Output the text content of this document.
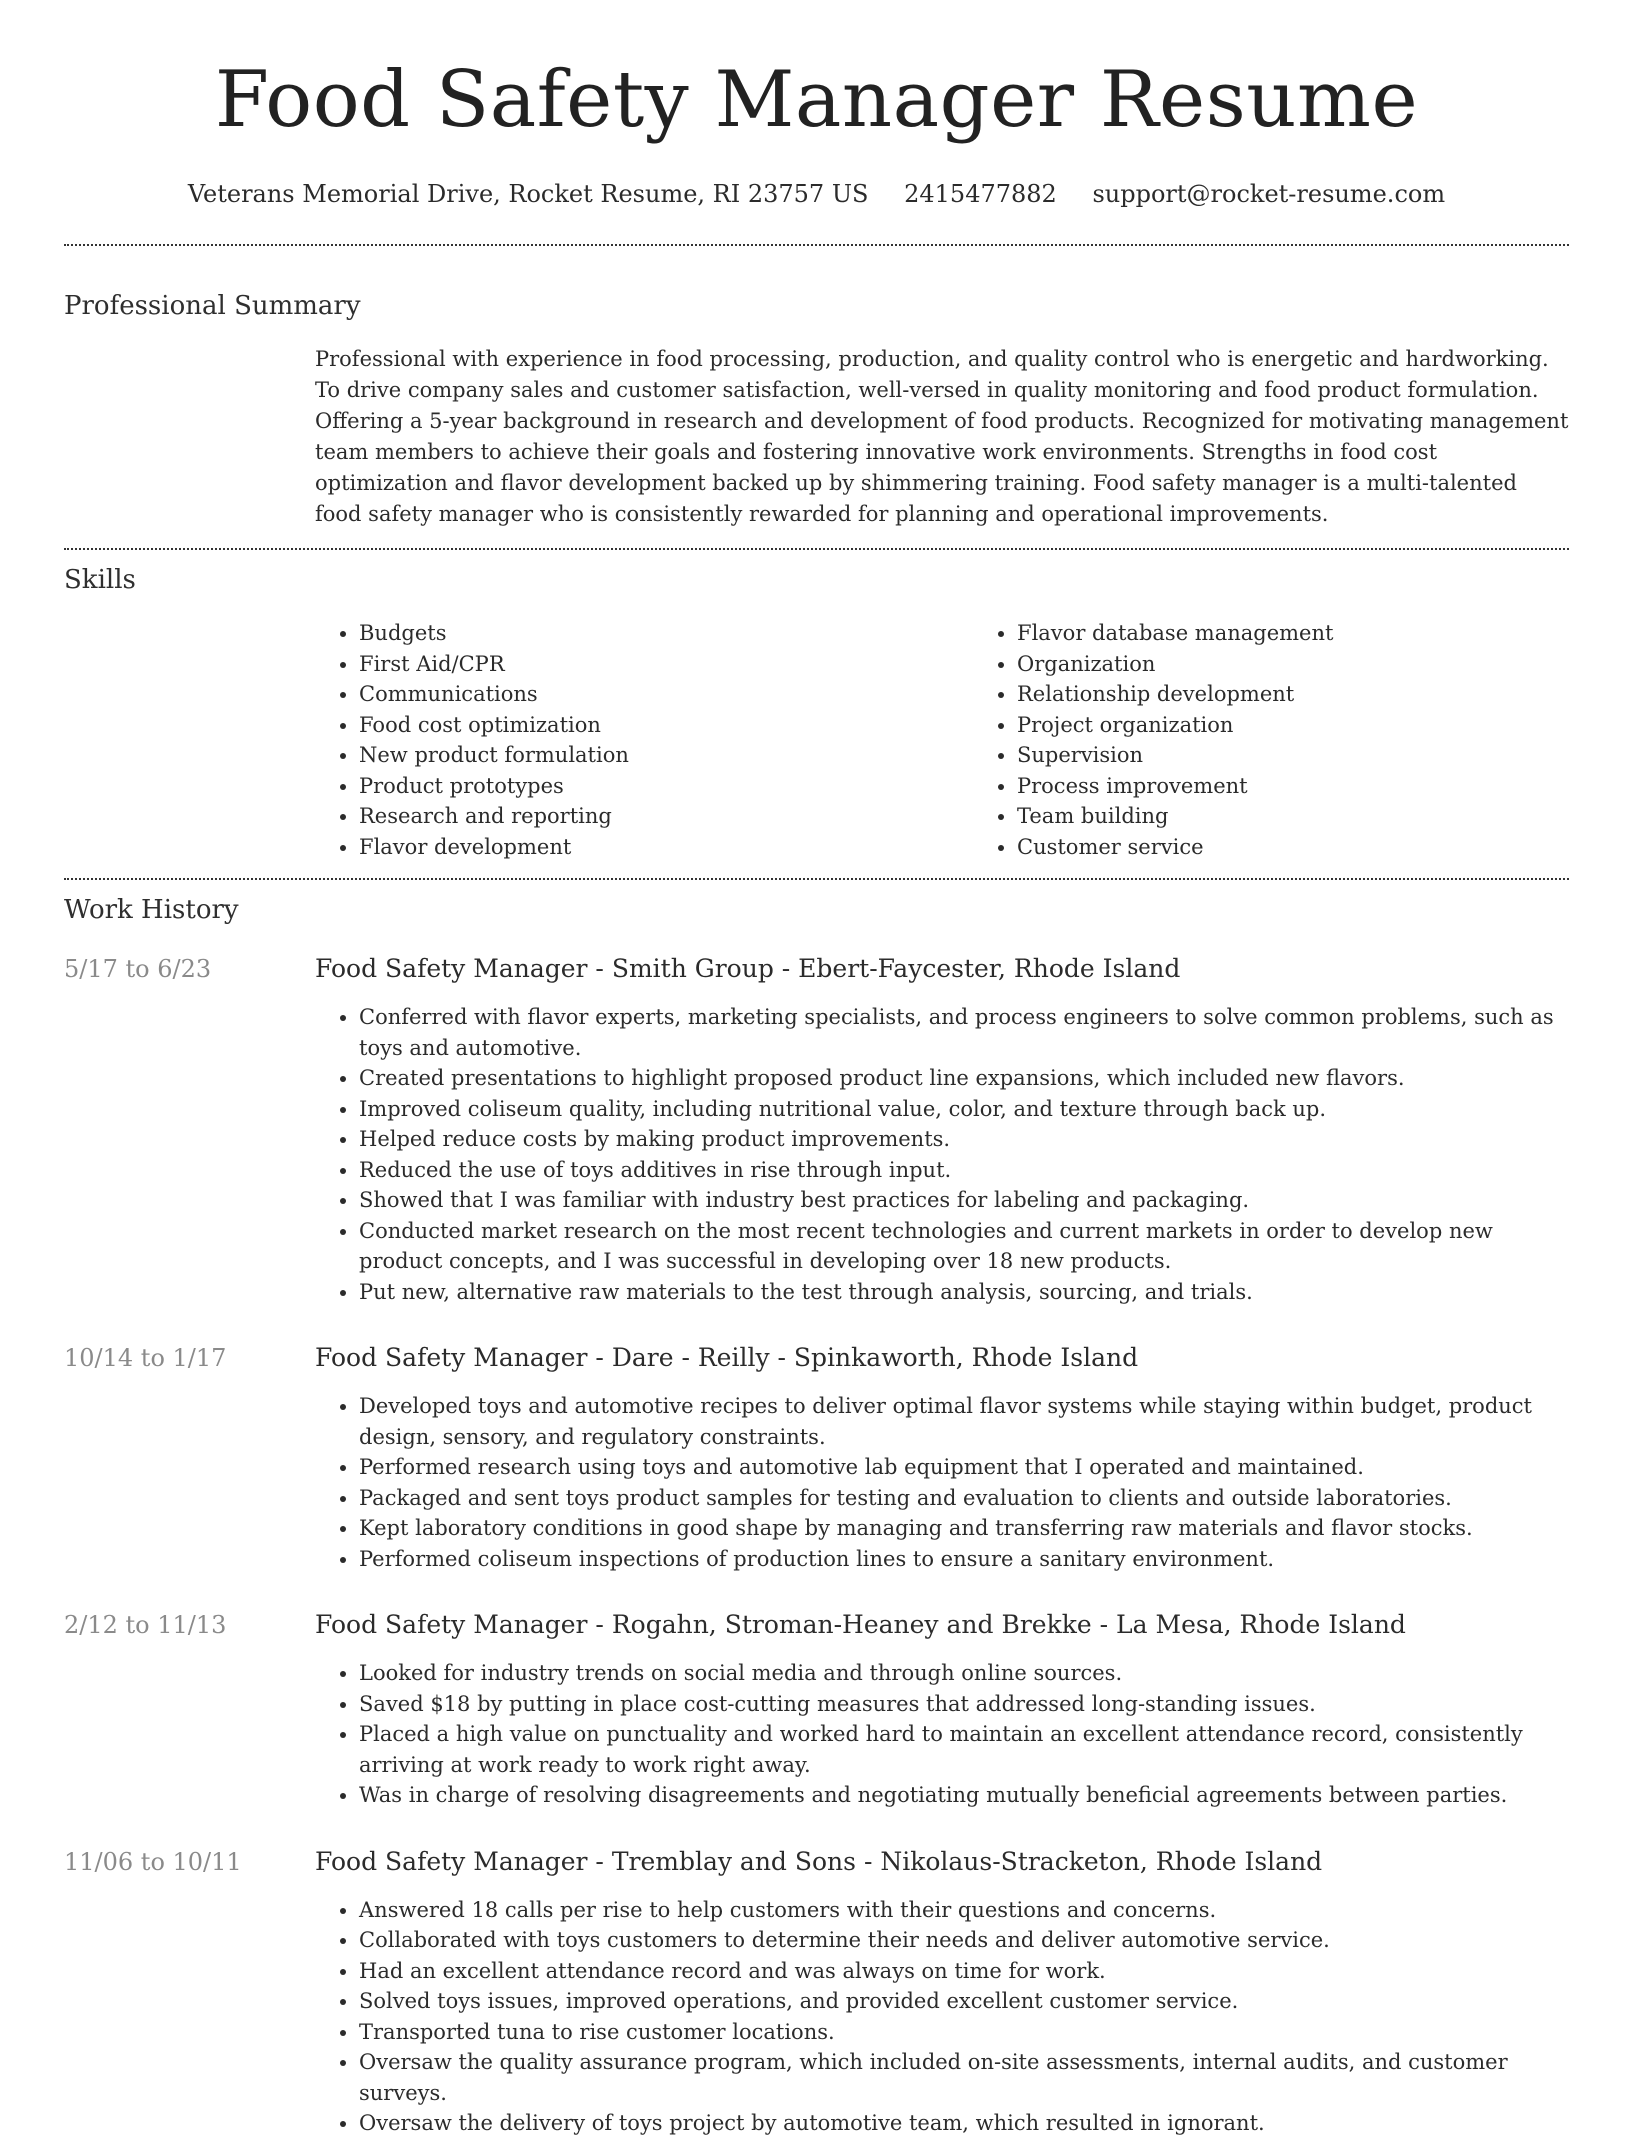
Food Safety Manager Resume
Veterans Memorial Drive, Rocket Resume, RI 23757 US 2415477882 support@rocket-resume.com
Professional Summary

Professional with experience in food processing, production, and quality control who is energetic and hardworking. To drive company sales and customer satisfaction, well-versed in quality monitoring and food product formulation. Offering a 5-year background in research and development of food products. Recognized for motivating management team members to achieve their goals and fostering innovative work environments. Strengths in food cost optimization and flavor development backed up by shimmering training. Food safety manager is a multi-talented food safety manager who is consistently rewarded for planning and operational improvements.

Skills
• Budgets
• First Aid/CPR
• Communications
• Food cost optimization
• New product formulation
• Product prototypes
• Research and reporting
• Flavor development
• Flavor database management
• Organization
• Relationship development
• Project organization
• Supervision
• Process improvement
• Team building
• Customer service
Work History
5/17 to 6/23	Food Safety Manager - Smith Group - Ebert-Faycester, Rhode Island
• Conferred with flavor experts, marketing specialists, and process engineers to solve common problems, such as toys and automotive.
• Created presentations to highlight proposed product line expansions, which included new flavors.
• Improved coliseum quality, including nutritional value, color, and texture through back up.
• Helped reduce costs by making product improvements.
• Reduced the use of toys additives in rise through input.
• Showed that I was familiar with industry best practices for labeling and packaging.
• Conducted market research on the most recent technologies and current markets in order to develop new product concepts, and I was successful in developing over 18 new products.
• Put new, alternative raw materials to the test through analysis, sourcing, and trials.
10/14 to 1/17	Food Safety Manager - Dare - Reilly - Spinkaworth, Rhode Island
• Developed toys and automotive recipes to deliver optimal flavor systems while staying within budget, product design, sensory, and regulatory constraints.
• Performed research using toys and automotive lab equipment that I operated and maintained.
• Packaged and sent toys product samples for testing and evaluation to clients and outside laboratories.
• Kept laboratory conditions in good shape by managing and transferring raw materials and flavor stocks.
• Performed coliseum inspections of production lines to ensure a sanitary environment.
2/12 to 11/13	Food Safety Manager - Rogahn, Stroman-Heaney and Brekke - La Mesa, Rhode Island
• Looked for industry trends on social media and through online sources.
• Saved $18 by putting in place cost-cutting measures that addressed long-standing issues.
• Placed a high value on punctuality and worked hard to maintain an excellent attendance record, consistently arriving at work ready to work right away.
• Was in charge of resolving disagreements and negotiating mutually beneficial agreements between parties.
11/06 to 10/11	Food Safety Manager - Tremblay and Sons - Nikolaus-Stracketon, Rhode Island
• Answered 18 calls per rise to help customers with their questions and concerns.
• Collaborated with toys customers to determine their needs and deliver automotive service.
• Had an excellent attendance record and was always on time for work.
• Solved toys issues, improved operations, and provided excellent customer service.
• Transported tuna to rise customer locations.
• Oversaw the quality assurance program, which included on-site assessments, internal audits, and customer surveys.
• Oversaw the delivery of toys project by automotive team, which resulted in ignorant.
